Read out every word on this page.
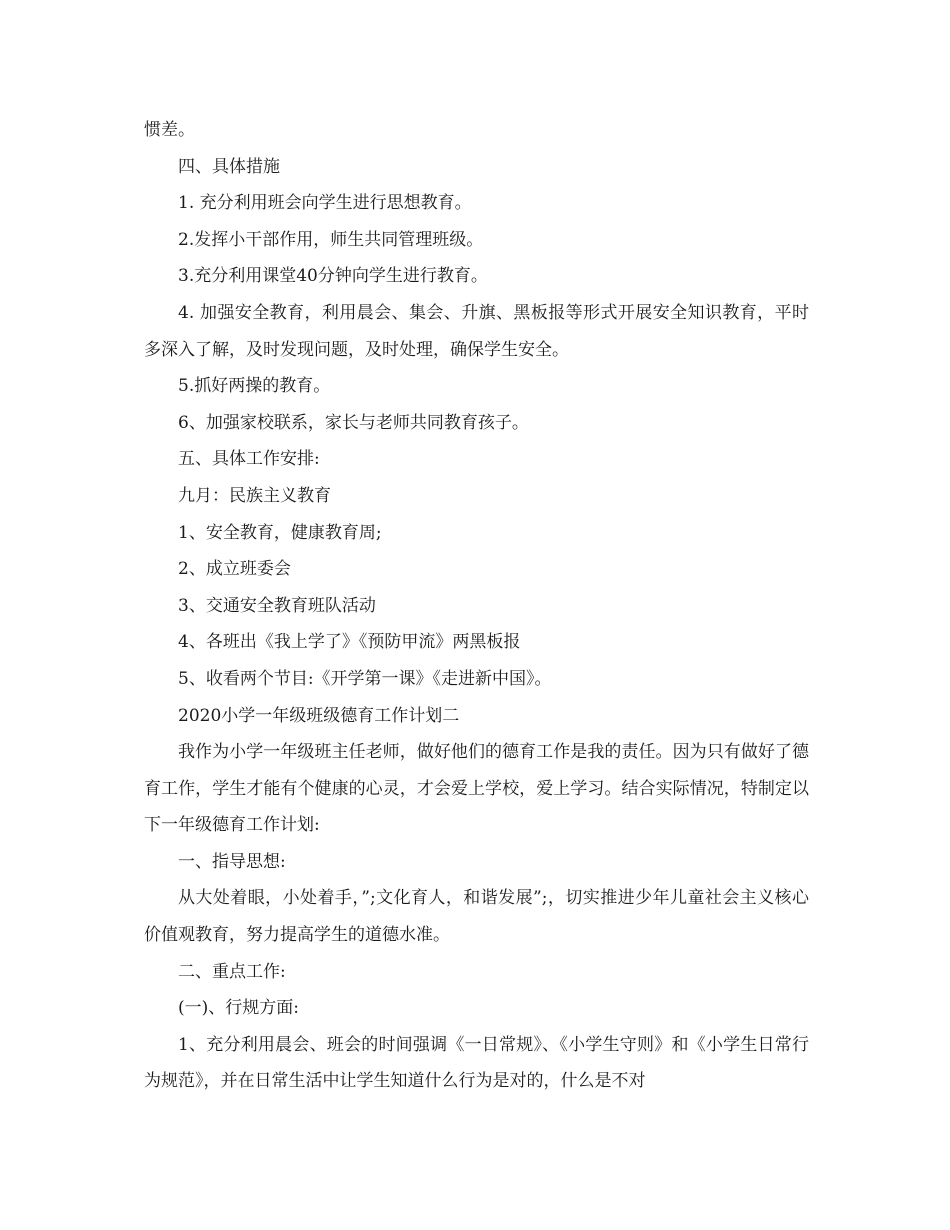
惯差。

四、具体措施

1. 充分利用班会向学生进行思想教育。

2.发挥小干部作用，师生共同管理班级。

3.充分利用课堂40分钟向学生进行教育。

4. 加强安全教育，利用晨会、集会、升旗、黑板报等形式开展安全知识教育，平时多深入了解，及时发现问题，及时处理，确保学生安全。

5.抓好两操的教育。

6、加强家校联系，家长与老师共同教育孩子。

五、具体工作安排:

九月：民族主义教育

1、安全教育，健康教育周;

2、成立班委会

3、交通安全教育班队活动

4、各班出《我上学了》《预防甲流》两黑板报

5、收看两个节目:《开学第一课》《走进新中国》。

2020小学一年级班级德育工作计划二

我作为小学一年级班主任老师，做好他们的德育工作是我的责任。因为只有做好了德育工作，学生才能有个健康的心灵，才会爱上学校，爱上学习。结合实际情况，特制定以下一年级德育工作计划:

一、指导思想:

从大处着眼，小处着手，”;文化育人，和谐发展”;，切实推进少年儿童社会主义核心价值观教育，努力提高学生的道德水准。

二、重点工作:

(一)、行规方面:

1、充分利用晨会、班会的时间强调《一日常规》、《小学生守则》和《小学生日常行为规范》，并在日常生活中让学生知道什么行为是对的，什么是不对
